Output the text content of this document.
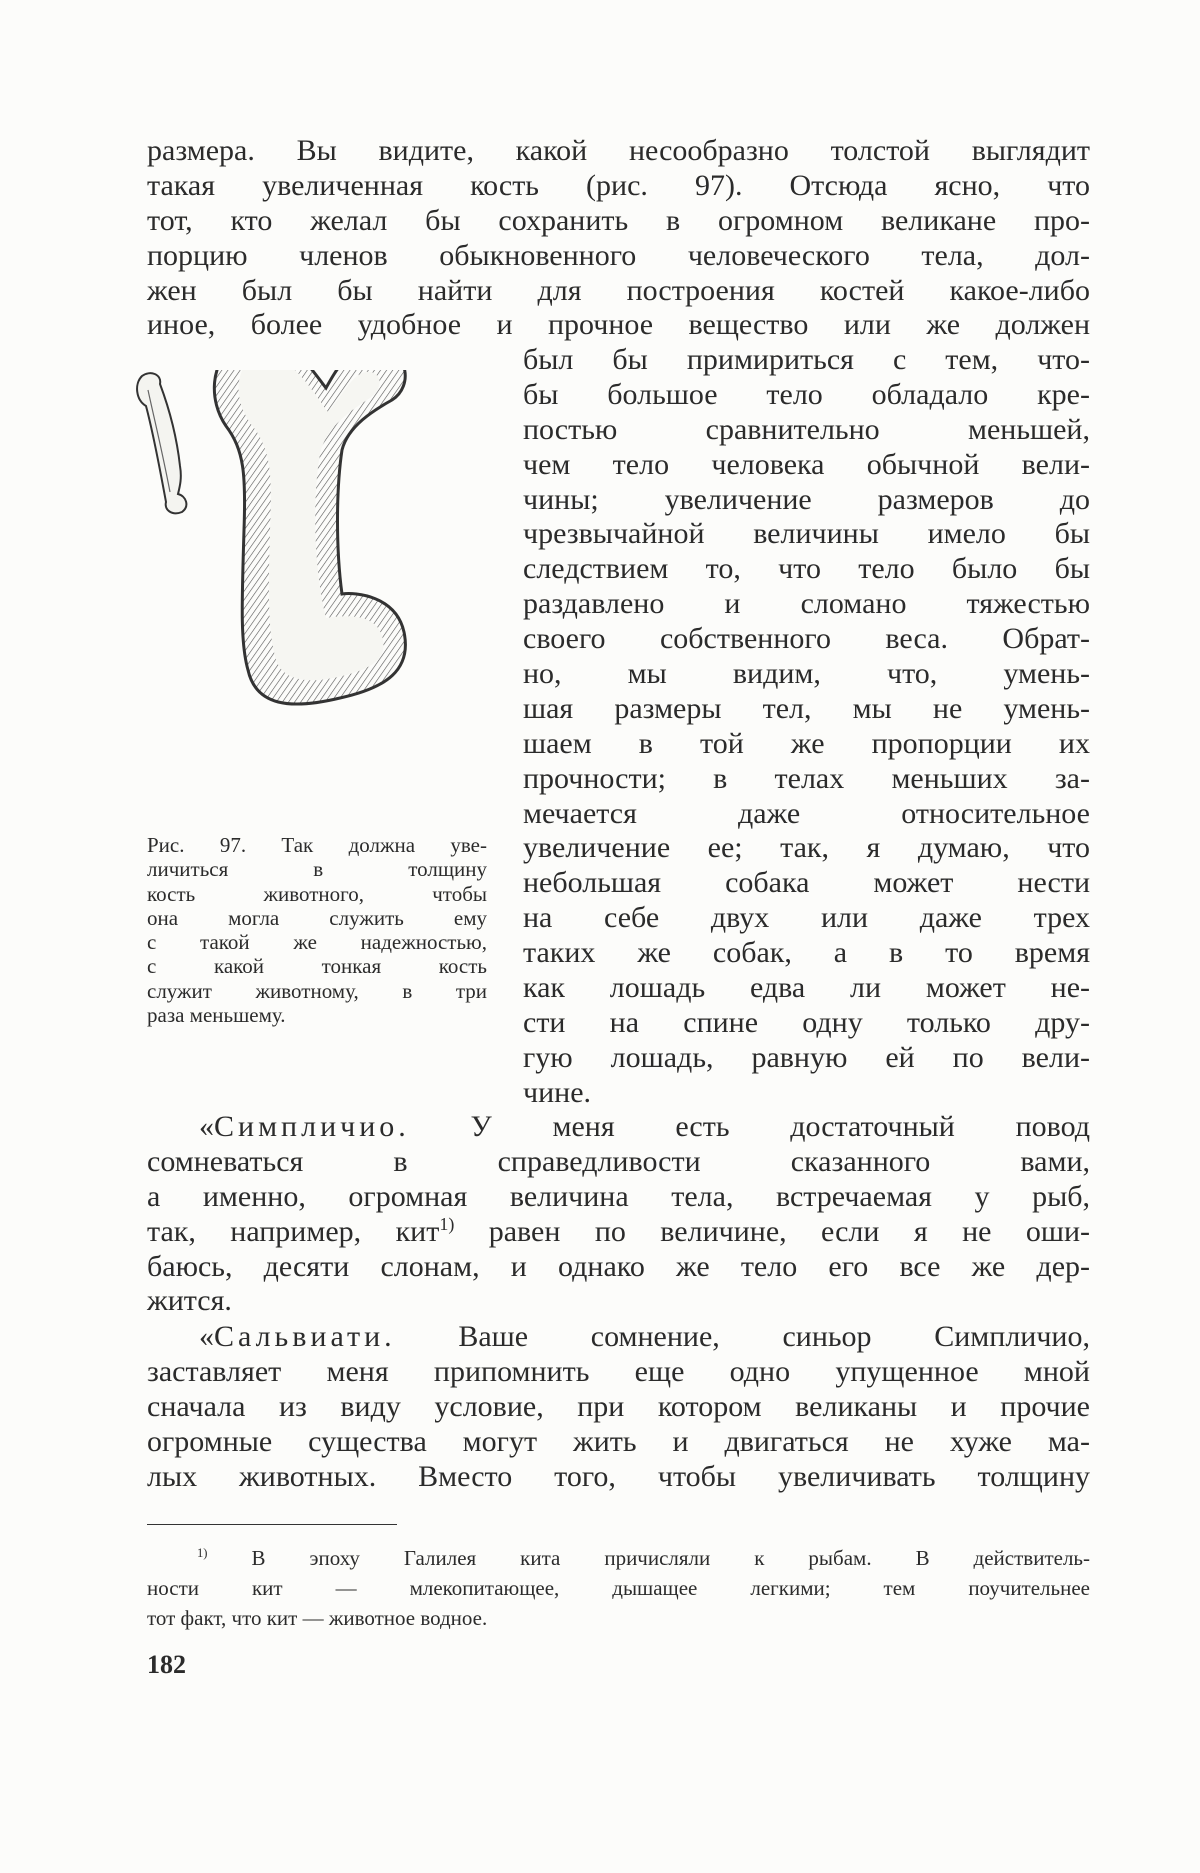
размера. Вы видите, какой несообразно толстой выглядит
такая увеличенная кость (рис. 97). Отсюда ясно, что
тот, кто желал бы сохранить в огромном великане про-
порцию членов обыкновенного человеческого тела, дол-
жен был бы найти для построения костей какое-либо
иное, более удобное и прочное вещество или же должен
был бы примириться с тем, что-
бы большое тело обладало кре-
постью сравнительно меньшей,
чем тело человека обычной вели-
чины; увеличение размеров до
чрезвычайной величины имело бы
следствием то, что тело было бы
раздавлено и сломано тяжестью
своего собственного веса. Обрат-
но, мы видим, что, умень-
шая размеры тел, мы не умень-
шаем в той же пропорции их
прочности; в телах меньших за-
мечается даже относительное
увеличение ее; так, я думаю, что
небольшая собака может нести
на себе двух или даже трех
таких же собак, а в то время
как лошадь едва ли может не-
сти на спине одну только дру-
гую лошадь, равную ей по вели-
чине.
Рис. 97. Так должна уве-
личиться в толщину
кость животного, чтобы
она могла служить ему
с такой же надежностью,
с какой тонкая кость
служит животному, в три
раза меньшему.
«Симпличио. У меня есть достаточный повод
сомневаться в справедливости сказанного вами,
а именно, огромная величина тела, встречаемая у рыб,
так, например, кит$^{1)}$ равен по величине, если я не оши-
баюсь, десяти слонам, и однако же тело его все же дер-
жится.
«Сальвиати. Ваше сомнение, синьор Симпличио,
заставляет меня припомнить еще одно упущенное мной
сначала из виду условие, при котором великаны и прочие
огромные существа могут жить и двигаться не хуже ма-
лых животных. Вместо того, чтобы увеличивать толщину
$^{1)}$ В эпоху Галилея кита причисляли к рыбам. В действитель-
ности кит — млекопитающее, дышащее легкими; тем поучительнее
тот факт, что кит — животное водное.
182
